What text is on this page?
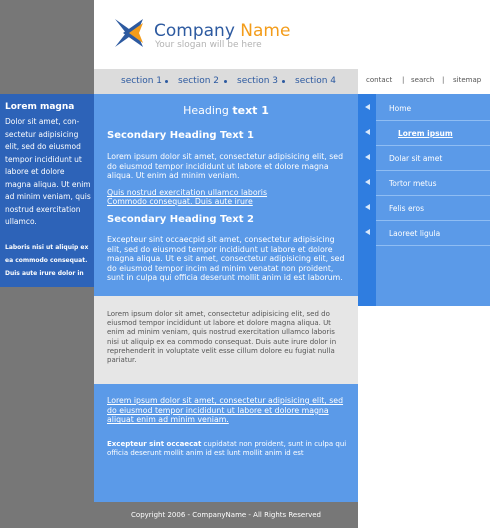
Company Name
Your slogan will be here
section 1 section 2 section 3 section 4	contact | search | sitemap
Lorem magna
Dolor sit amet, con-sectetur adipisicing elit, sed do eiusmod tempor incididunt ut labore et dolore magna aliqua. Ut enim ad minim veniam, quis nostrud exercitation ullamco.
Laboris nisi ut aliquip ex ea commodo consequat. Duis aute irure dolor in
Heading text 1
Secondary Heading Text 1

Lorem ipsum dolor sit amet, consectetur adipisicing elit, sed do eiusmod tempor incididunt ut labore et dolore magna aliqua. Ut enim ad minim veniam.

Quis nostrud exercitation ullamco laboris

Commodo consequat. Duis aute irure

Secondary Heading Text 2

Excepteur sint occaecpid sit amet, consectetur adipisicing elit, sed do eiusmod tempor incididunt ut labore et dolore magna aliqua. Ut e sit amet, consectetur adipisicing elit, sed do eiusmod tempor incim ad minim venatat non proident, sunt in culpa qui officia deserunt mollit anim id est laborum.

Lorem ipsum dolor sit amet, consectetur adipisicing elit, sed do eiusmod tempor incididunt ut labore et dolore magna aliqua. Ut enim ad minim veniam, quis nostrud exercitation ullamco laboris nisi ut aliquip ex ea commodo consequat. Duis aute irure dolor in reprehenderit in voluptate velit esse cillum dolore eu fugiat nulla pariatur.

Lorem ipsum dolor sit amet, consectetur adipisicing elit, sed do eiusmod tempor incididunt ut labore et dolore magna aliquat enim ad minim veniam.

Excepteur sint occaecat cupidatat non proident, sunt in culpa qui officia deserunt mollit anim id est lunt mollit anim id est

Copyright 2006 - CompanyName - All Rights Reserved
Home
Lorem ipsum
Dolar sit amet
Tortor metus
Felis eros
Laoreet ligula
